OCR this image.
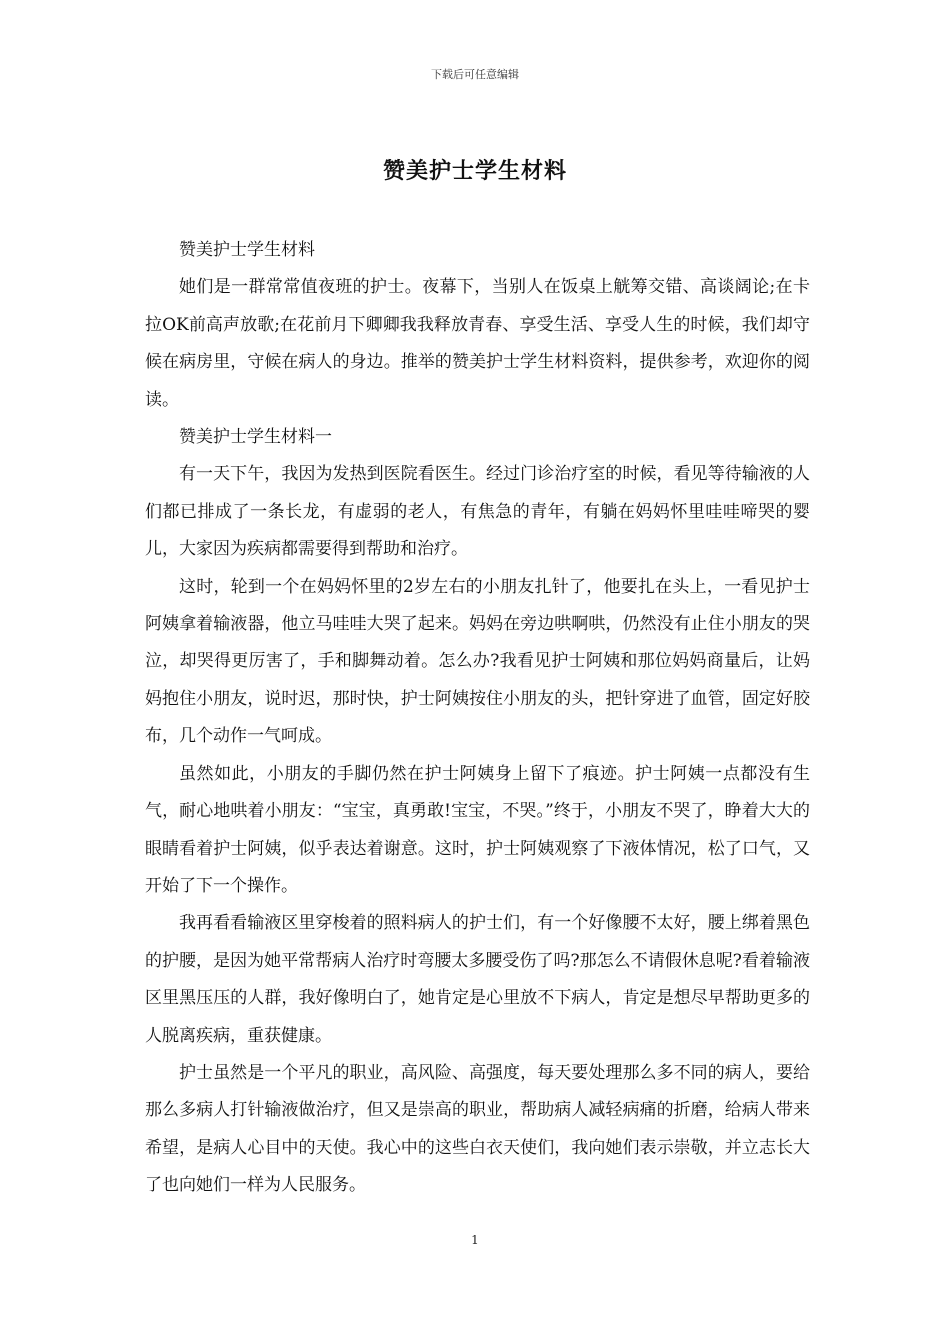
下载后可任意编辑
赞美护士学生材料

赞美护士学生材料

她们是一群常常值夜班的护士。夜幕下，当别人在饭桌上觥筹交错、高谈阔论;在卡拉OK前高声放歌;在花前月下卿卿我我释放青春、享受生活、享受人生的时候，我们却守候在病房里，守候在病人的身边。推举的赞美护士学生材料资料，提供参考，欢迎你的阅读。

赞美护士学生材料一

有一天下午，我因为发热到医院看医生。经过门诊治疗室的时候，看见等待输液的人们都已排成了一条长龙，有虚弱的老人，有焦急的青年，有躺在妈妈怀里哇哇啼哭的婴儿，大家因为疾病都需要得到帮助和治疗。

这时，轮到一个在妈妈怀里的2岁左右的小朋友扎针了，他要扎在头上，一看见护士阿姨拿着输液器，他立马哇哇大哭了起来。妈妈在旁边哄啊哄，仍然没有止住小朋友的哭泣，却哭得更厉害了，手和脚舞动着。怎么办?我看见护士阿姨和那位妈妈商量后，让妈妈抱住小朋友，说时迟，那时快，护士阿姨按住小朋友的头，把针穿进了血管，固定好胶布，几个动作一气呵成。

虽然如此，小朋友的手脚仍然在护士阿姨身上留下了痕迹。护士阿姨一点都没有生气，耐心地哄着小朋友：“宝宝，真勇敢!宝宝，不哭。”终于，小朋友不哭了，睁着大大的眼睛看着护士阿姨，似乎表达着谢意。这时，护士阿姨观察了下液体情况，松了口气，又开始了下一个操作。

我再看看输液区里穿梭着的照料病人的护士们，有一个好像腰不太好，腰上绑着黑色的护腰，是因为她平常帮病人治疗时弯腰太多腰受伤了吗?那怎么不请假休息呢?看着输液区里黑压压的人群，我好像明白了，她肯定是心里放不下病人，肯定是想尽早帮助更多的人脱离疾病，重获健康。

护士虽然是一个平凡的职业，高风险、高强度，每天要处理那么多不同的病人，要给那么多病人打针输液做治疗，但又是崇高的职业，帮助病人减轻病痛的折磨，给病人带来希望，是病人心目中的天使。我心中的这些白衣天使们，我向她们表示崇敬，并立志长大了也向她们一样为人民服务。

1
